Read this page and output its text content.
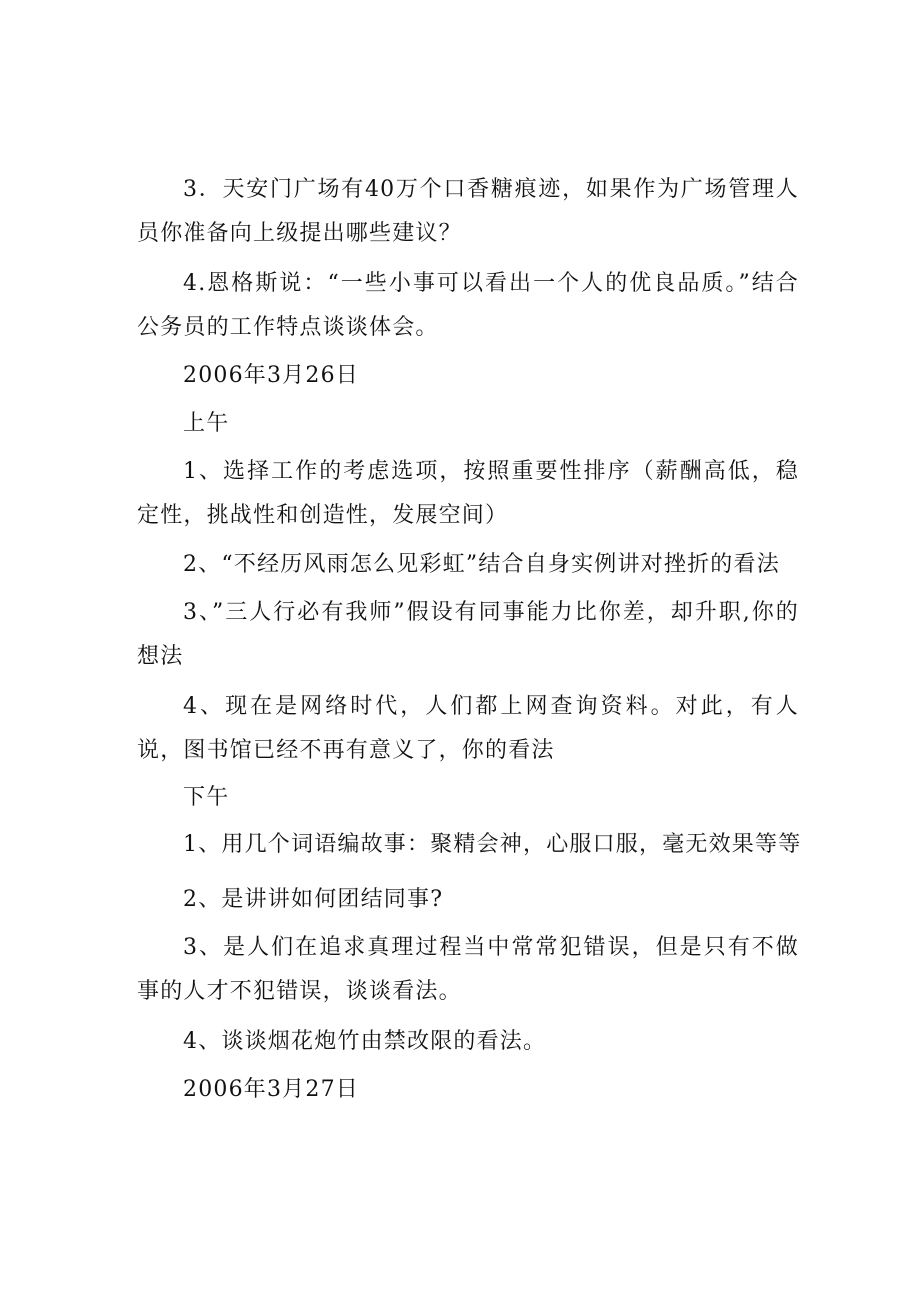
3．天安门广场有40万个口香糖痕迹，如果作为广场管理人员你准备向上级提出哪些建议？

4.恩格斯说：“一些小事可以看出一个人的优良品质。”结合公务员的工作特点谈谈体会。

2006年3月26日

上午

1、选择工作的考虑选项，按照重要性排序（薪酬高低，稳定性，挑战性和创造性，发展空间）

2、“不经历风雨怎么见彩虹”结合自身实例讲对挫折的看法

3、”三人行必有我师”假设有同事能力比你差，却升职,你的想法

4、现在是网络时代，人们都上网查询资料。对此，有人说，图书馆已经不再有意义了，你的看法

下午

1、用几个词语编故事：聚精会神，心服口服，毫无效果等等

2、是讲讲如何团结同事?

3、是人们在追求真理过程当中常常犯错误，但是只有不做事的人才不犯错误，谈谈看法。

4、谈谈烟花炮竹由禁改限的看法。

2006年3月27日
